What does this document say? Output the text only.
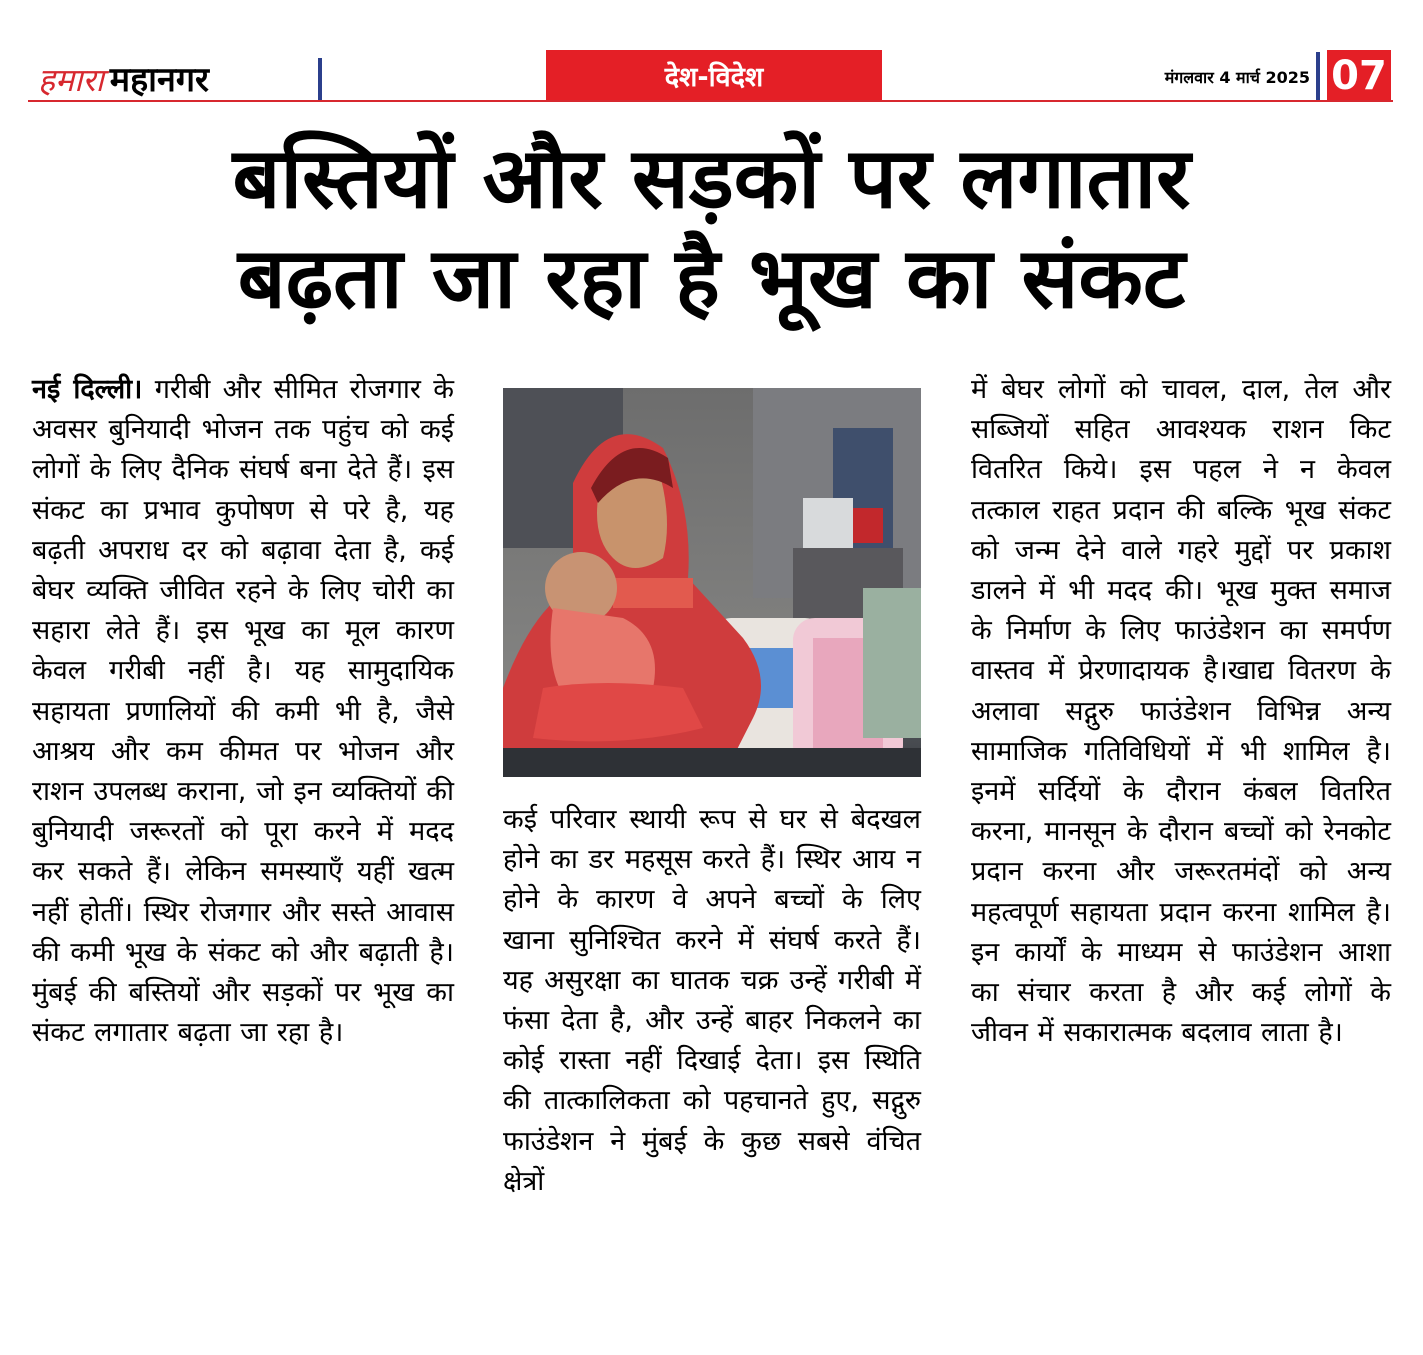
हमारा महानगर	देश-विदेश	मंगलवार 4 मार्च 2025 07
बस्तियों और सड़कों पर लगातार
बढ़ता जा रहा है भूख का संकट
नई दिल्ली। गरीबी और सीमित रोजगार के अवसर बुनियादी भोजन तक पहुंच को कई लोगों के लिए दैनिक संघर्ष बना देते हैं। इस संकट का प्रभाव कुपोषण से परे है, यह बढ़ती अपराध दर को बढ़ावा देता है, कई बेघर व्यक्ति जीवित रहने के लिए चोरी का सहारा लेते हैं। इस भूख का मूल कारण केवल गरीबी नहीं है। यह सामुदायिक सहायता प्रणालियों की कमी भी है, जैसे आश्रय और कम कीमत पर भोजन और राशन उपलब्ध कराना, जो इन व्यक्तियों की बुनियादी जरूरतों को पूरा करने में मदद कर सकते हैं। लेकिन समस्याएँ यहीं खत्म नहीं होतीं। स्थिर रोजगार और सस्ते आवास की कमी भूख के संकट को और बढ़ाती है। मुंबई की बस्तियों और सड़कों पर भूख का संकट लगातार बढ़ता जा रहा है।
कई परिवार स्थायी रूप से घर से बेदखल होने का डर महसूस करते हैं। स्थिर आय न होने के कारण वे अपने बच्चों के लिए खाना सुनिश्चित करने में संघर्ष करते हैं। यह असुरक्षा का घातक चक्र उन्हें गरीबी में फंसा देता है, और उन्हें बाहर निकलने का कोई रास्ता नहीं दिखाई देता। इस स्थिति की तात्कालिकता को पहचानते हुए, सद्गुरु फाउंडेशन ने मुंबई के कुछ सबसे वंचित क्षेत्रों
में बेघर लोगों को चावल, दाल, तेल और सब्जियों सहित आवश्यक राशन किट वितरित किये। इस पहल ने न केवल तत्काल राहत प्रदान की बल्कि भूख संकट को जन्म देने वाले गहरे मुद्दों पर प्रकाश डालने में भी मदद की। भूख मुक्त समाज के निर्माण के लिए फाउंडेशन का समर्पण वास्तव में प्रेरणादायक है।खाद्य वितरण के अलावा सद्गुरु फाउंडेशन विभिन्न अन्य सामाजिक गतिविधियों में भी शामिल है। इनमें सर्दियों के दौरान कंबल वितरित करना, मानसून के दौरान बच्चों को रेनकोट प्रदान करना और जरूरतमंदों को अन्य महत्वपूर्ण सहायता प्रदान करना शामिल है। इन कार्यों के माध्यम से फाउंडेशन आशा का संचार करता है और कई लोगों के जीवन में सकारात्मक बदलाव लाता है।
